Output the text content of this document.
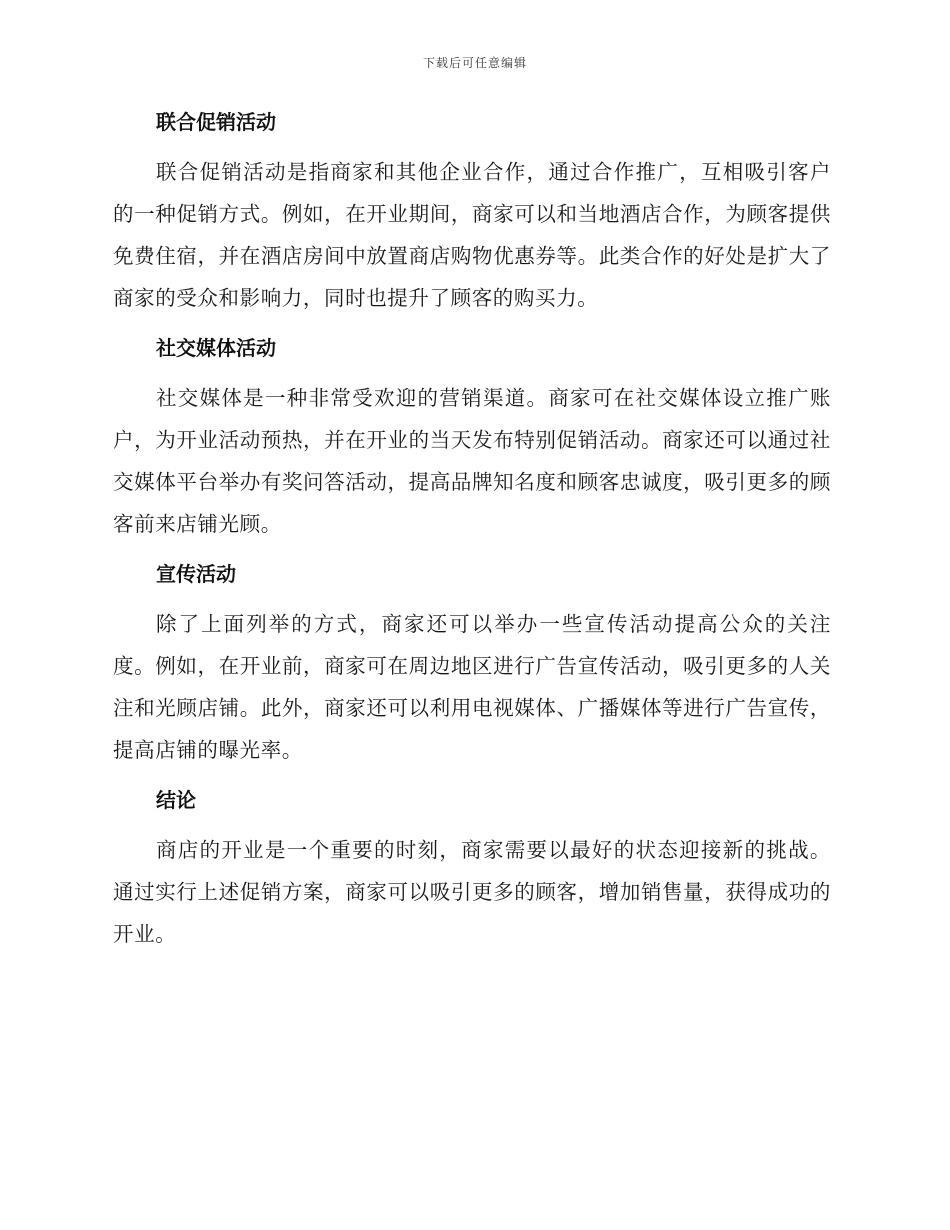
下载后可任意编辑
联合促销活动

联合促销活动是指商家和其他企业合作，通过合作推广，互相吸引客户的一种促销方式。例如，在开业期间，商家可以和当地酒店合作，为顾客提供免费住宿，并在酒店房间中放置商店购物优惠券等。此类合作的好处是扩大了商家的受众和影响力，同时也提升了顾客的购买力。

社交媒体活动

社交媒体是一种非常受欢迎的营销渠道。商家可在社交媒体设立推广账户，为开业活动预热，并在开业的当天发布特别促销活动。商家还可以通过社交媒体平台举办有奖问答活动，提高品牌知名度和顾客忠诚度，吸引更多的顾客前来店铺光顾。

宣传活动

除了上面列举的方式，商家还可以举办一些宣传活动提高公众的关注度。例如，在开业前，商家可在周边地区进行广告宣传活动，吸引更多的人关注和光顾店铺。此外，商家还可以利用电视媒体、广播媒体等进行广告宣传，提高店铺的曝光率。

结论

商店的开业是一个重要的时刻，商家需要以最好的状态迎接新的挑战。通过实行上述促销方案，商家可以吸引更多的顾客，增加销售量，获得成功的开业。
